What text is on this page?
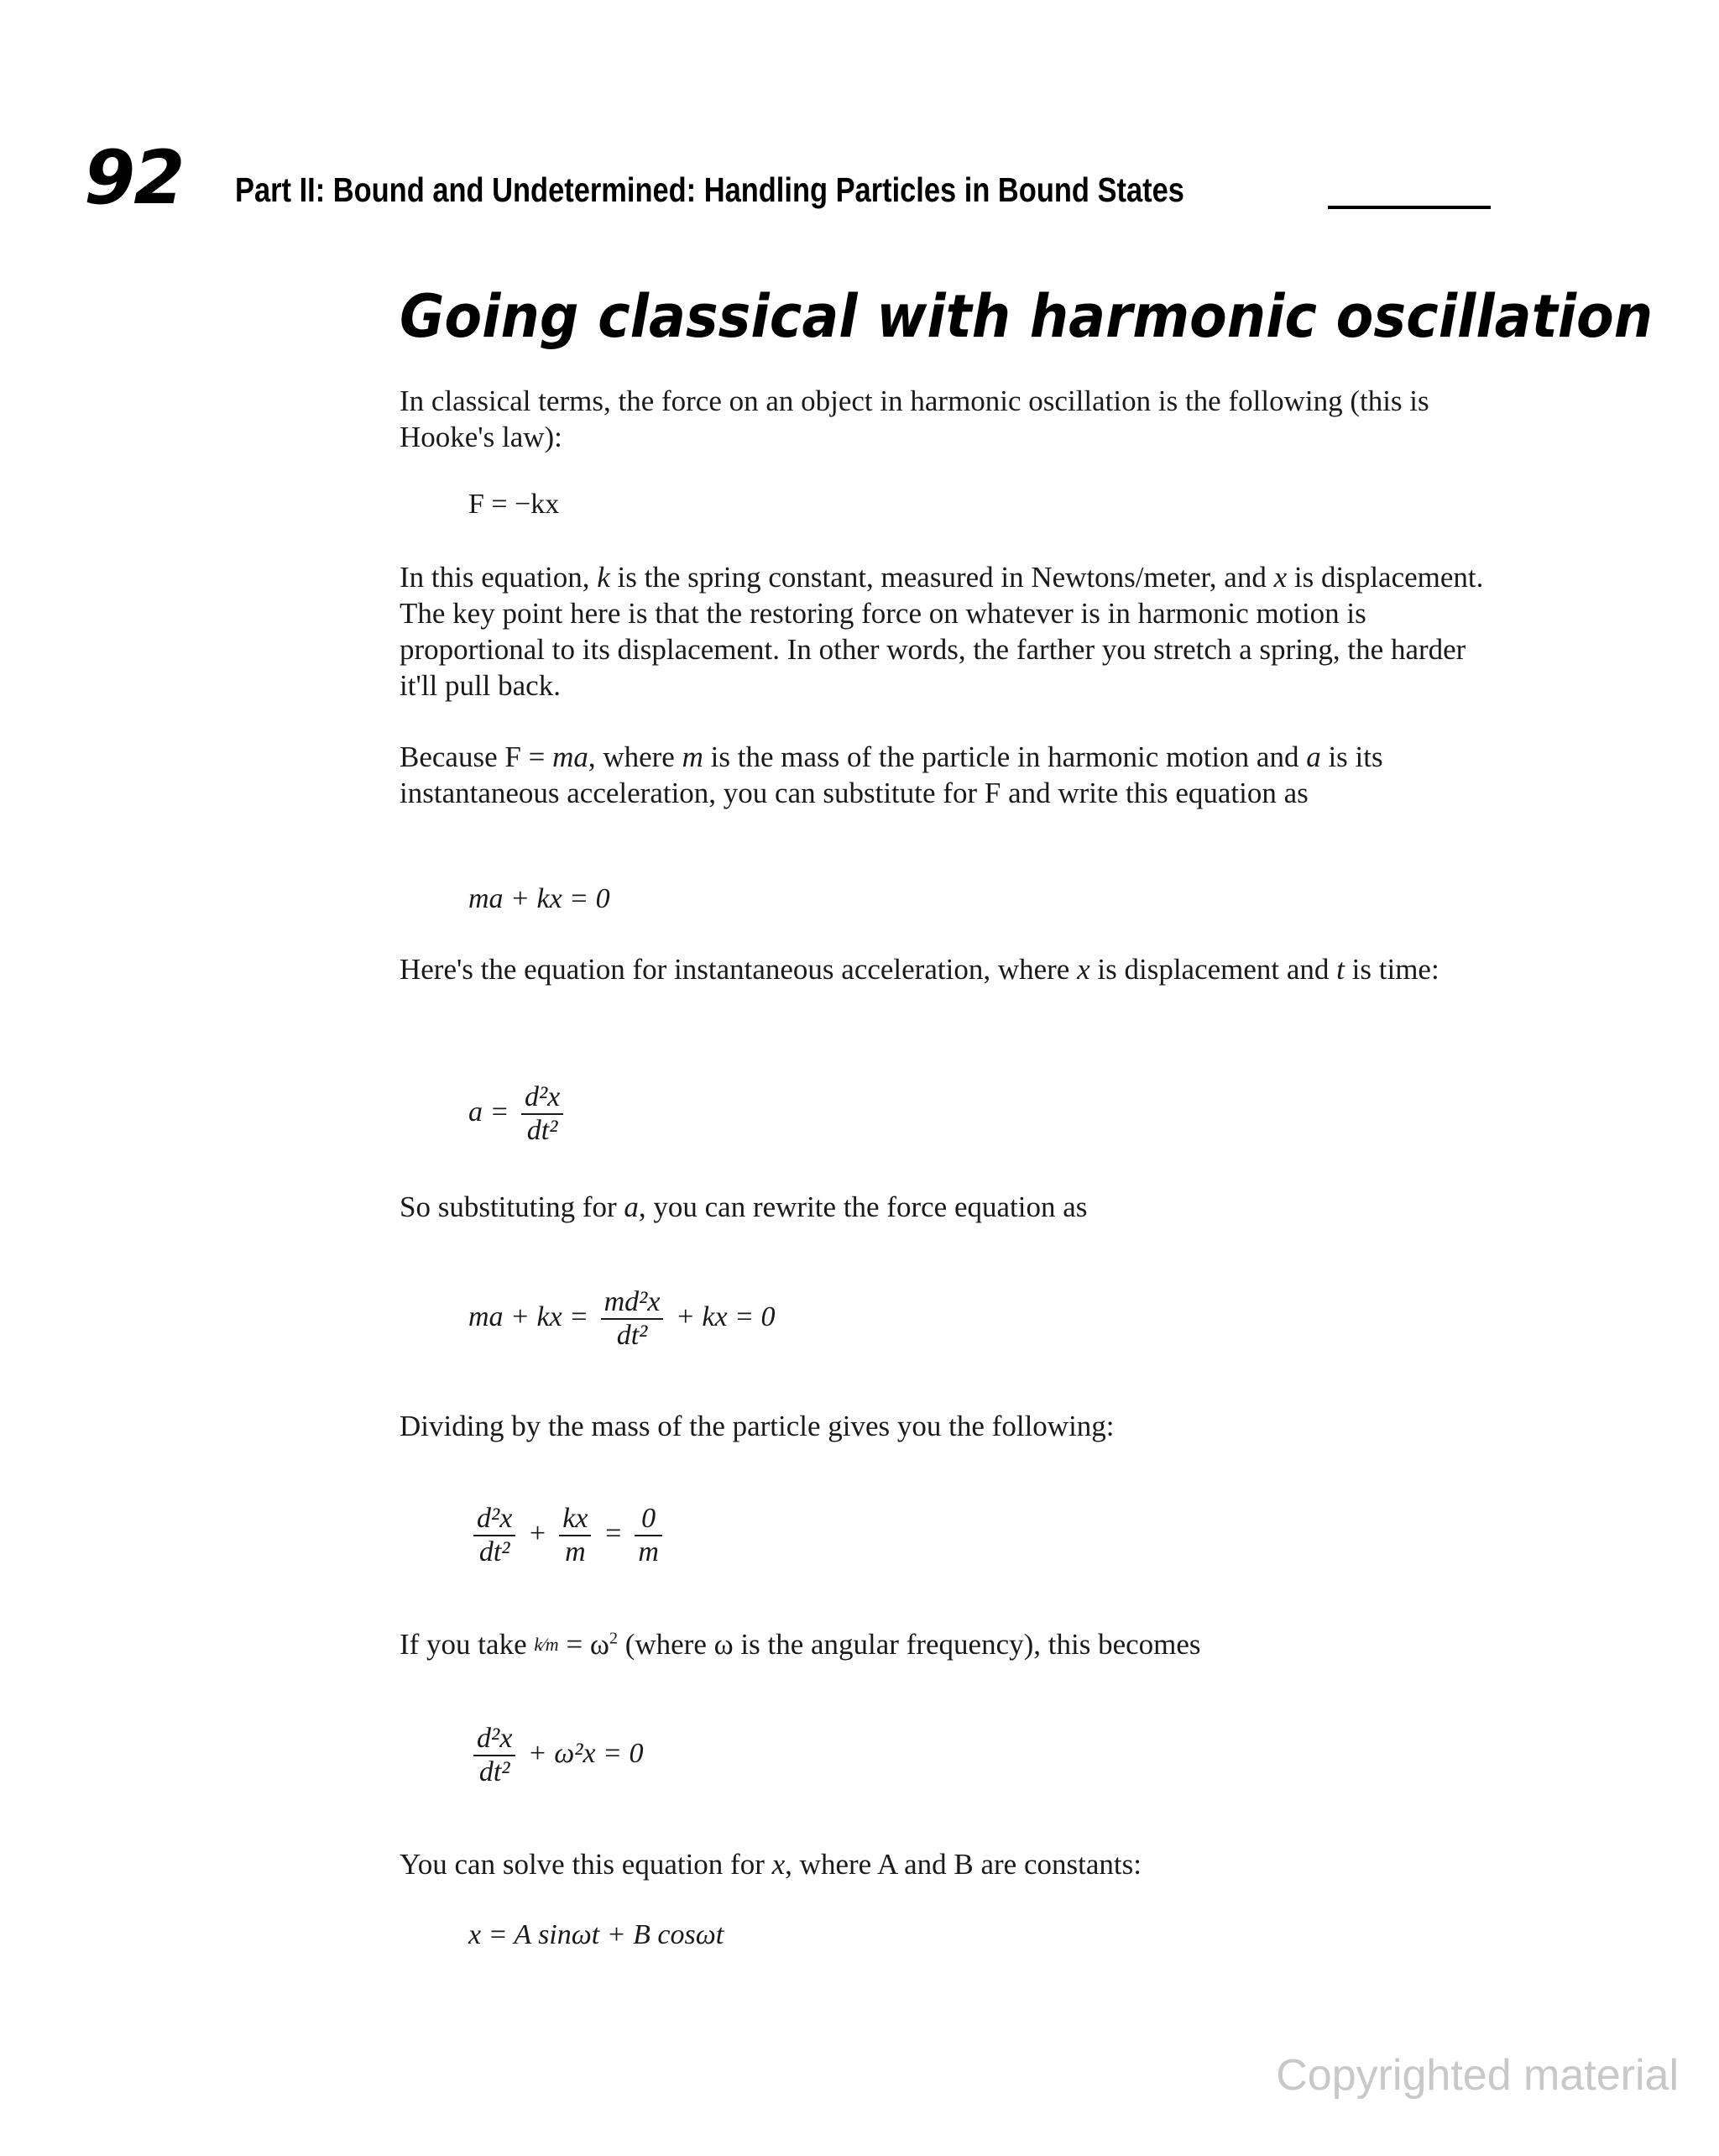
92 Part II: Bound and Undetermined: Handling Particles in Bound States
Going classical with harmonic oscillation

In classical terms, the force on an object in harmonic oscillation is the following (this is Hooke's law):

F = −kx

In this equation, k is the spring constant, measured in Newtons/meter, and x is displacement. The key point here is that the restoring force on whatever is in harmonic motion is proportional to its displacement. In other words, the farther you stretch a spring, the harder it'll pull back.

Because F = ma, where m is the mass of the particle in harmonic motion and a is its instantaneous acceleration, you can substitute for F and write this equation as

ma + kx = 0

Here's the equation for instantaneous acceleration, where x is displacement and t is time:

$a = \frac{\text{d²x}}{\text{dt²}}$

So substituting for a, you can rewrite the force equation as

ma + kx = $\frac{\text{md²x}}{\text{dt²}}$ + kx = 0

Dividing by the mass of the particle gives you the following:

$\frac{\text{d²x}}{\text{dt²}} + \frac{kx}{m} = \frac{0}{m}$

If you take k⁄m = $\omega^2$ (where ω is the angular frequency), this becomes

$\frac{\text{d²x}}{\text{dt²}} + \omega^2x = 0$

You can solve this equation for x, where A and B are constants:

x = A sinωt + B cosωt
Copyrighted material
